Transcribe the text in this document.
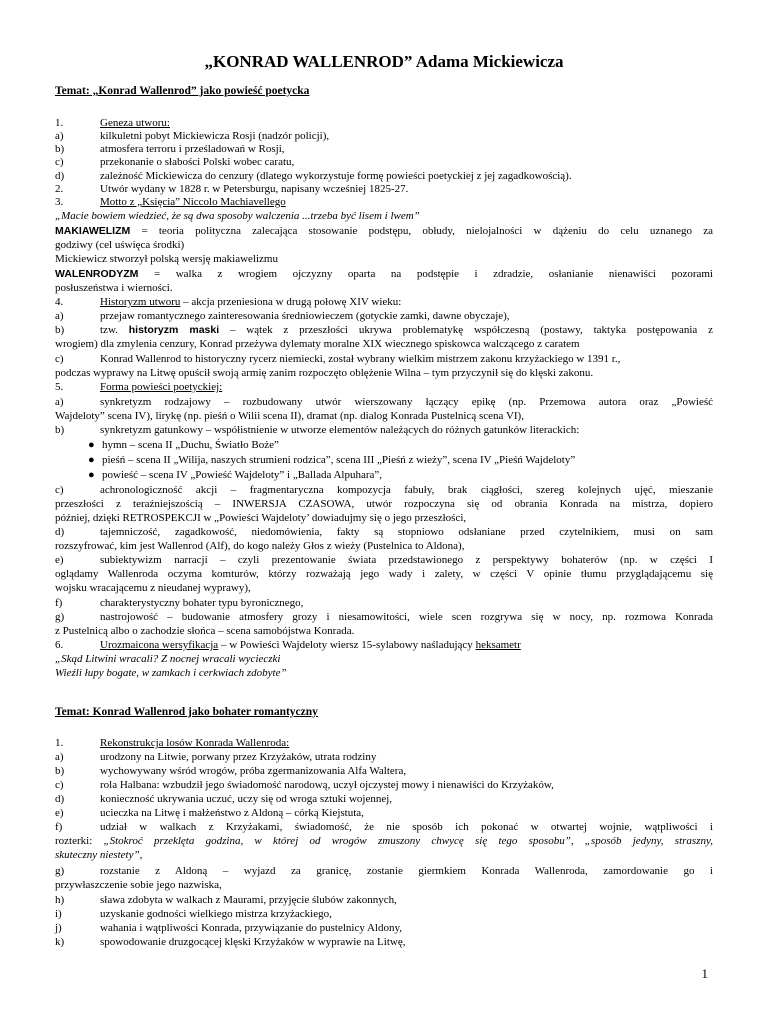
„KONRAD WALLENROD” Adama Mickiewicza
Temat: „Konrad Wallenrod” jako powieść poetycka
1.	Geneza utworu:
a)	kilkuletni pobyt Mickiewicza Rosji (nadzór policji),
b)	atmosfera terroru i prześladowań w Rosji,
c)	przekonanie o słabości Polski wobec caratu,
d)	zależność Mickiewicza do cenzury (dlatego wykorzystuje formę powieści poetyckiej z jej zagadkowością).
2.	Utwór wydany w 1828 r. w Petersburgu, napisany wcześniej 1825-27.
3.	Motto z „Księcia” Niccolo Machiavellego
„Macie bowiem wiedzieć, że są dwa sposoby walczenia ...trzeba być lisem i lwem”
MAKIAWELIZM = teoria polityczna zalecająca stosowanie podstępu, obłudy, nielojalności w dążeniu do celu uznanego za
godziwy (cel uświęca środki)
Mickiewicz stworzył polską wersję makiawelizmu
WALENRODYZM = walka z wrogiem ojczyzny oparta na podstępie i zdradzie, osłanianie nienawiści pozorami
posłuszeństwa i wierności.
4.	Historyzm utworu – akcja przeniesiona w drugą połowę XIV wieku:
a)	przejaw romantycznego zainteresowania średniowieczem (gotyckie zamki, dawne obyczaje),
b)	tzw. historyzm maski – wątek z przeszłości ukrywa problematykę współczesną (postawy, taktyka postępowania z
wrogiem) dla zmylenia cenzury, Konrad przeżywa dylematy moralne XIX wiecznego spiskowca walczącego z caratem
c)	Konrad Wallenrod to historyczny rycerz niemiecki, został wybrany wielkim mistrzem zakonu krzyżackiego w 1391 r.,
podczas wyprawy na Litwę opuścił swoją armię zanim rozpoczęto oblężenie Wilna – tym przyczynił się do klęski zakonu.
5.	Forma powieści poetyckiej:
a)	synkretyzm rodzajowy – rozbudowany utwór wierszowany łączący epikę (np. Przemowa autora oraz „Powieść
Wajdeloty” scena IV), lirykę (np. pieśń o Wilii scena II), dramat (np. dialog Konrada Pustelnicą scena VI),
b)	synkretyzm gatunkowy – współistnienie w utworze elementów należących do różnych gatunków literackich:
● hymn – scena II „Duchu, Światło Boże”
● pieśń – scena II „Wilija, naszych strumieni rodzica”, scena III „Pieśń z wieży”, scena IV „Pieśń Wajdeloty”
● powieść – scena IV „Powieść Wajdeloty” i „Ballada Alpuhara”,
c)	achronologiczność akcji – fragmentaryczna kompozycja fabuły, brak ciągłości, szereg kolejnych ujęć, mieszanie
przeszłości z teraźniejszością – INWERSJA CZASOWA, utwór rozpoczyna się od obrania Konrada na mistrza, dopiero
później, dzięki RETROSPEKCJI w „Powieści Wajdeloty’ dowiadujmy się o jego przeszłości,
d)	tajemniczość, zagadkowość, niedomówienia, fakty są stopniowo odsłaniane przed czytelnikiem, musi on sam
rozszyfrować, kim jest Wallenrod (Alf), do kogo należy Głos z wieży (Pustelnica to Aldona),
e)	subiektywizm narracji – czyli prezentowanie świata przedstawionego z perspektywy bohaterów (np. w części I
oglądamy Wallenroda oczyma komturów, którzy rozważają jego wady i zalety, w części V opinie tłumu przyglądającemu się
wojsku wracającemu z nieudanej wyprawy),
f)	charakterystyczny bohater typu byronicznego,
g)	nastrojowość – budowanie atmosfery grozy i niesamowitości, wiele scen rozgrywa się w nocy, np. rozmowa Konrada
z Pustelnicą albo o zachodzie słońca – scena samobójstwa Konrada.
6.	Urozmaicona wersyfikacja – w Powieści Wajdeloty wiersz 15-sylabowy naśladujący heksametr
„Skąd Litwini wracali? Z nocnej wracali wycieczki
Wieźli łupy bogate, w zamkach i cerkwiach zdobyte”
Temat: Konrad Wallenrod jako bohater romantyczny
1.	Rekonstrukcja losów Konrada Wallenroda:
a)	urodzony na Litwie, porwany przez Krzyżaków, utrata rodziny
b)	wychowywany wśród wrogów, próba zgermanizowania Alfa Waltera,
c)	rola Halbana: wzbudził jego świadomość narodową, uczył ojczystej mowy i nienawiści do Krzyżaków,
d)	konieczność ukrywania uczuć, uczy się od wroga sztuki wojennej,
e)	ucieczka na Litwę i małżeństwo z Aldoną – córką Kiejstuta,
f)	udział w walkach z Krzyżakami, świadomość, że nie sposób ich pokonać w otwartej wojnie, wątpliwości i
rozterki: „Stokroć przeklęta godzina, w której od wrogów zmuszony chwycę się tego sposobu”, „sposób jedyny, straszny,
skuteczny niestety”,
g)	rozstanie z Aldoną – wyjazd za granicę, zostanie giermkiem Konrada Wallenroda, zamordowanie go i
przywłaszczenie sobie jego nazwiska,
h)	sława zdobyta w walkach z Maurami, przyjęcie ślubów zakonnych,
i)	uzyskanie godności wielkiego mistrza krzyżackiego,
j)	wahania i wątpliwości Konrada, przywiązanie do pustelnicy Aldony,
k)	spowodowanie druzgocącej klęski Krzyżaków w wyprawie na Litwę,
1
